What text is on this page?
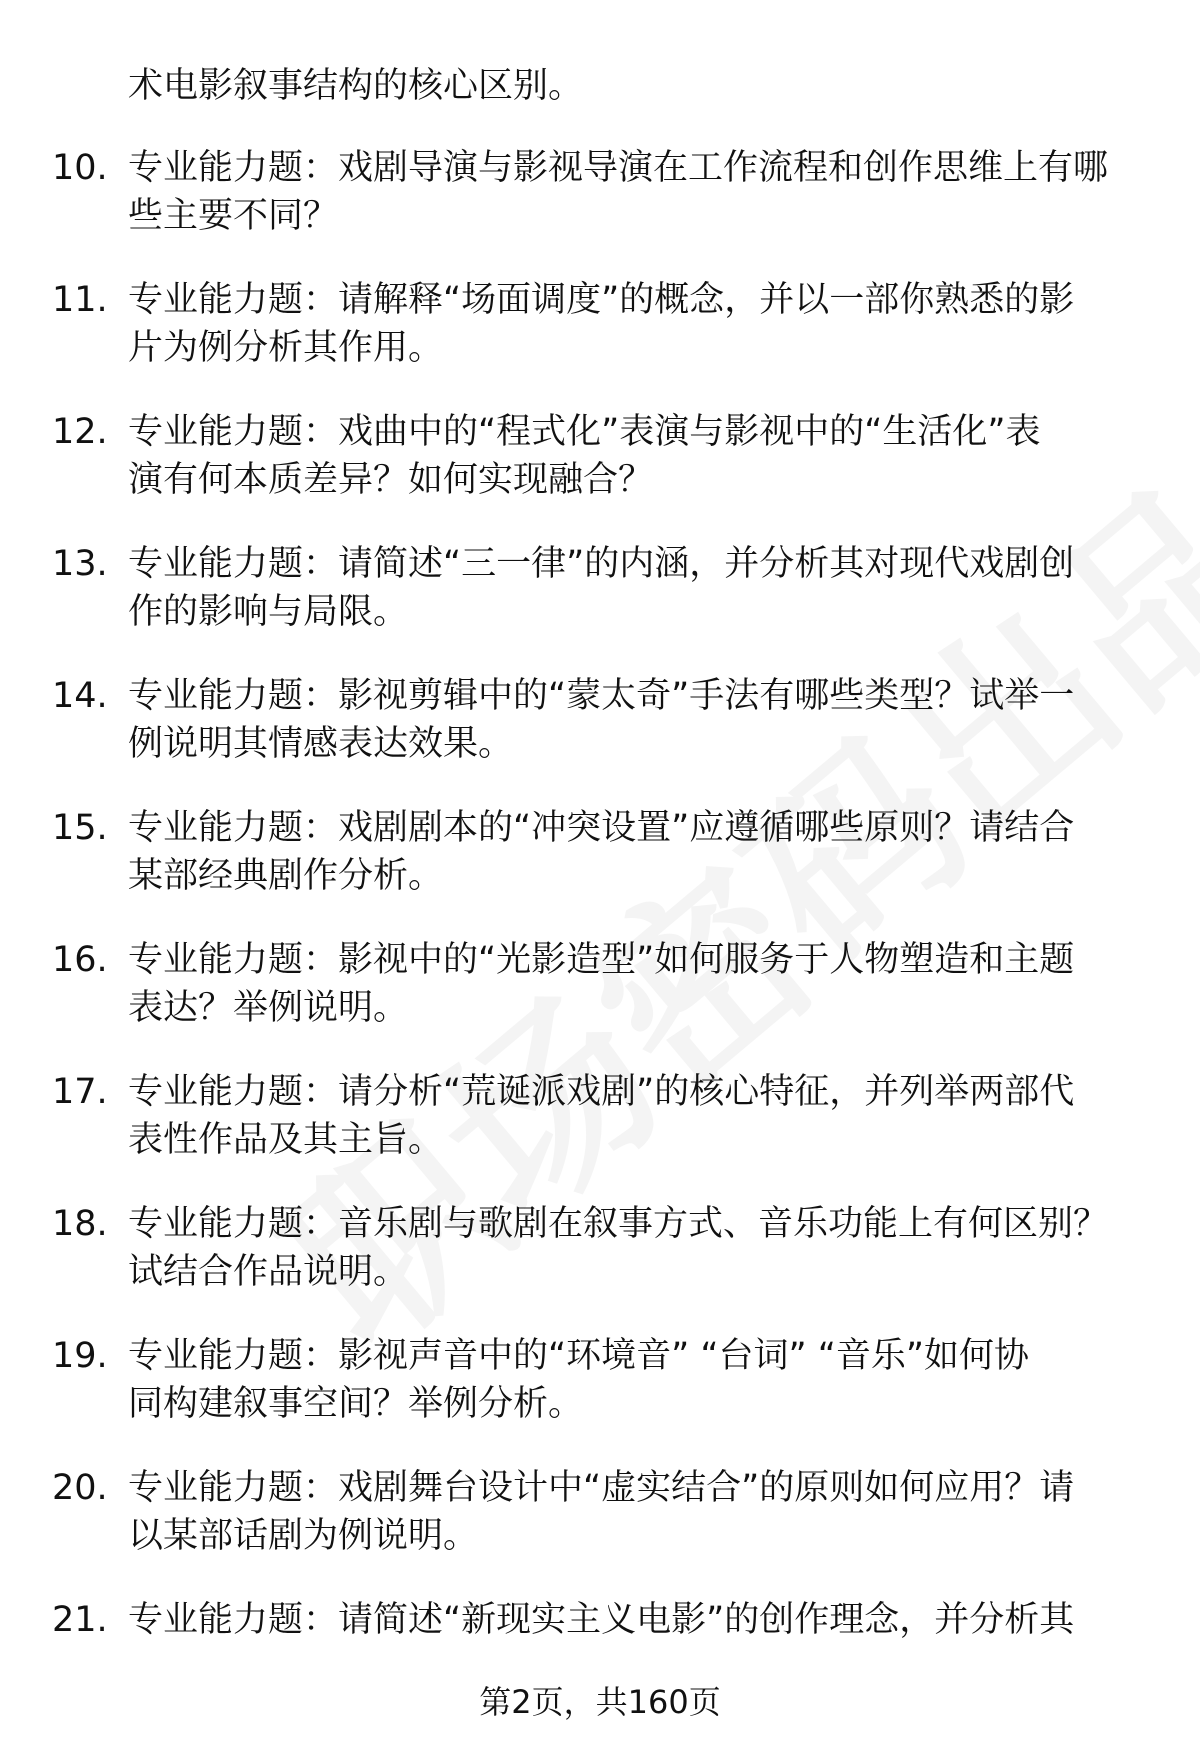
术电影叙事结构的核心区别。
10. 专业能力题：戏剧导演与影视导演在工作流程和创作思维上有哪
些主要不同？
11. 专业能力题：请解释“场面调度”的概念，并以一部你熟悉的影
片为例分析其作用。
12. 专业能力题：戏曲中的“程式化”表演与影视中的“生活化”表
演有何本质差异？如何实现融合？
13. 专业能力题：请简述“三一律”的内涵，并分析其对现代戏剧创
作的影响与局限。
14. 专业能力题：影视剪辑中的“蒙太奇”手法有哪些类型？试举一
例说明其情感表达效果。
15. 专业能力题：戏剧剧本的“冲突设置”应遵循哪些原则？请结合
某部经典剧作分析。
16. 专业能力题：影视中的“光影造型”如何服务于人物塑造和主题
表达？举例说明。
17. 专业能力题：请分析“荒诞派戏剧”的核心特征，并列举两部代
表性作品及其主旨。
18. 专业能力题：音乐剧与歌剧在叙事方式、音乐功能上有何区别？
试结合作品说明。
19. 专业能力题：影视声音中的“环境音” “台词” “音乐”如何协
同构建叙事空间？举例分析。
20. 专业能力题：戏剧舞台设计中“虚实结合”的原则如何应用？请
以某部话剧为例说明。
21. 专业能力题：请简述“新现实主义电影”的创作理念，并分析其
第2页，共160页
